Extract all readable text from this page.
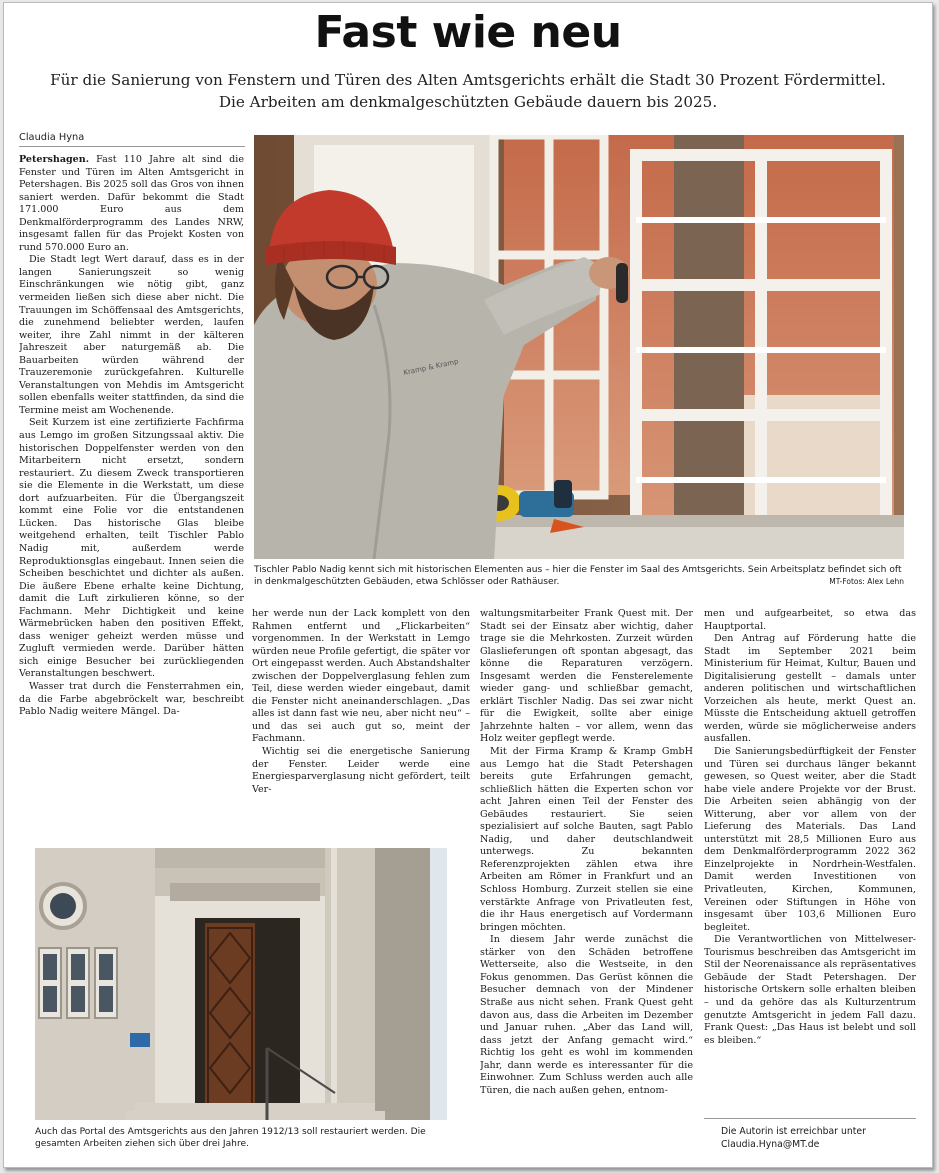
Fast wie neu
Für die Sanierung von Fenstern und Türen des Alten Amtsgerichts erhält die Stadt 30 Prozent Fördermittel.
Die Arbeiten am denkmalgeschützten Gebäude dauern bis 2025.
Claudia Hyna

Petershagen. Fast 110 Jahre alt sind die Fenster und Türen im Alten Amtsgericht in Petershagen. Bis 2025 soll das Gros von ihnen saniert werden. Dafür bekommt die Stadt 171.000 Euro aus dem Denkmalförderprogramm des Landes NRW, insgesamt fallen für das Projekt Kosten von rund 570.000 Euro an.

Die Stadt legt Wert darauf, dass es in der langen Sanierungszeit so wenig Einschränkungen wie nötig gibt, ganz vermeiden ließen sich diese aber nicht. Die Trauungen im Schöffensaal des Amtsgerichts, die zunehmend beliebter werden, laufen weiter, ihre Zahl nimmt in der kälteren Jahreszeit aber naturgemäß ab. Die Bauarbeiten würden während der Trauzeremonie zurückgefahren. Kulturelle Veranstaltungen von Mehdis im Amtsgericht sollen ebenfalls weiter stattfinden, da sind die Termine meist am Wochenende.

Seit Kurzem ist eine zertifizierte Fachfirma aus Lemgo im großen Sitzungssaal aktiv. Die historischen Doppelfenster werden von den Mitarbeitern nicht ersetzt, sondern restauriert. Zu diesem Zweck transportieren sie die Elemente in die Werkstatt, um diese dort aufzuarbeiten. Für die Übergangszeit kommt eine Folie vor die entstandenen Lücken. Das historische Glas bleibe weitgehend erhalten, teilt Tischler Pablo Nadig mit, außerdem werde Reproduktionsglas eingebaut. Innen seien die Scheiben beschichtet und dichter als außen. Die äußere Ebene erhalte keine Dichtung, damit die Luft zirkulieren könne, so der Fachmann. Mehr Dichtigkeit und keine Wärmebrücken haben den positiven Effekt, dass weniger geheizt werden müsse und Zugluft vermieden werde. Darüber hätten sich einige Besucher bei zurückliegenden Veranstaltungen beschwert.

Wasser trat durch die Fensterrahmen ein, da die Farbe abgebröckelt war, beschreibt Pablo Nadig weitere Mängel. Da-

Kramp & Kramp
Tischler Pablo Nadig kennt sich mit historischen Elementen aus – hier die Fenster im Saal des Amtsgerichts. Sein Arbeitsplatz befindet sich oft in denkmalgeschützten Gebäuden, etwa Schlösser oder Rathäuser.	MT-Fotos: Alex Lehn

her werde nun der Lack komplett von den Rahmen entfernt und „Flickarbeiten“ vorgenommen. In der Werkstatt in Lemgo würden neue Profile gefertigt, die später vor Ort eingepasst werden. Auch Abstandshalter zwischen der Doppelverglasung fehlen zum Teil, diese werden wieder eingebaut, damit die Fenster nicht aneinanderschlagen. „Das alles ist dann fast wie neu, aber nicht neu“ – und das sei auch gut so, meint der Fachmann.

Wichtig sei die energetische Sanierung der Fenster. Leider werde eine Energiesparverglasung nicht gefördert, teilt Ver-

waltungsmitarbeiter Frank Quest mit. Der Stadt sei der Einsatz aber wichtig, daher trage sie die Mehrkosten. Zurzeit würden Glaslieferungen oft spontan abgesagt, das könne die Reparaturen verzögern. Insgesamt werden die Fensterelemente wieder gang- und schließbar gemacht, erklärt Tischler Nadig. Das sei zwar nicht für die Ewigkeit, sollte aber einige Jahrzehnte halten – vor allem, wenn das Holz weiter gepflegt werde.

Mit der Firma Kramp & Kramp GmbH aus Lemgo hat die Stadt Petershagen bereits gute Erfahrungen gemacht, schließlich hätten die Experten schon vor acht Jahren einen Teil der Fenster des Gebäudes restauriert. Sie seien spezialisiert auf solche Bauten, sagt Pablo Nadig, und daher deutschlandweit unterwegs. Zu bekannten Referenzprojekten zählen etwa ihre Arbeiten am Römer in Frankfurt und an Schloss Homburg. Zurzeit stellen sie eine verstärkte Anfrage von Privatleuten fest, die ihr Haus energetisch auf Vordermann bringen möchten.

In diesem Jahr werde zunächst die stärker von den Schäden betroffene Wetterseite, also die Westseite, in den Fokus genommen. Das Gerüst können die Besucher demnach von der Mindener Straße aus nicht sehen. Frank Quest geht davon aus, dass die Arbeiten im Dezember und Januar ruhen. „Aber das Land will, dass jetzt der Anfang gemacht wird.“ Richtig los geht es wohl im kommenden Jahr, dann werde es interessanter für die Einwohner. Zum Schluss werden auch alle Türen, die nach außen gehen, entnom-

men und aufgearbeitet, so etwa das Hauptportal.

Den Antrag auf Förderung hatte die Stadt im September 2021 beim Ministerium für Heimat, Kultur, Bauen und Digitalisierung gestellt – damals unter anderen politischen und wirtschaftlichen Vorzeichen als heute, merkt Quest an. Müsste die Entscheidung aktuell getroffen werden, würde sie möglicherweise anders ausfallen.

Die Sanierungsbedürftigkeit der Fenster und Türen sei durchaus länger bekannt gewesen, so Quest weiter, aber die Stadt habe viele andere Projekte vor der Brust. Die Arbeiten seien abhängig von der Witterung, aber vor allem von der Lieferung des Materials. Das Land unterstützt mit 28,5 Millionen Euro aus dem Denkmalförderprogramm 2022 362 Einzelprojekte in Nordrhein-Westfalen. Damit werden Investitionen von Privatleuten, Kirchen, Kommunen, Vereinen oder Stiftungen in Höhe von insgesamt über 103,6 Millionen Euro begleitet.

Die Verantwortlichen von Mittelweser-Tourismus beschreiben das Amtsgericht im Stil der Neorenaissance als repräsentatives Gebäude der Stadt Petershagen. Der historische Ortskern solle erhalten bleiben – und da gehöre das als Kulturzentrum genutzte Amtsgericht in jedem Fall dazu. Frank Quest: „Das Haus ist belebt und soll es bleiben.“

Auch das Portal des Amtsgerichts aus den Jahren 1912/13 soll restauriert werden. Die gesamten Arbeiten ziehen sich über drei Jahre.
Die Autorin ist erreichbar unter
Claudia.Hyna@MT.de
